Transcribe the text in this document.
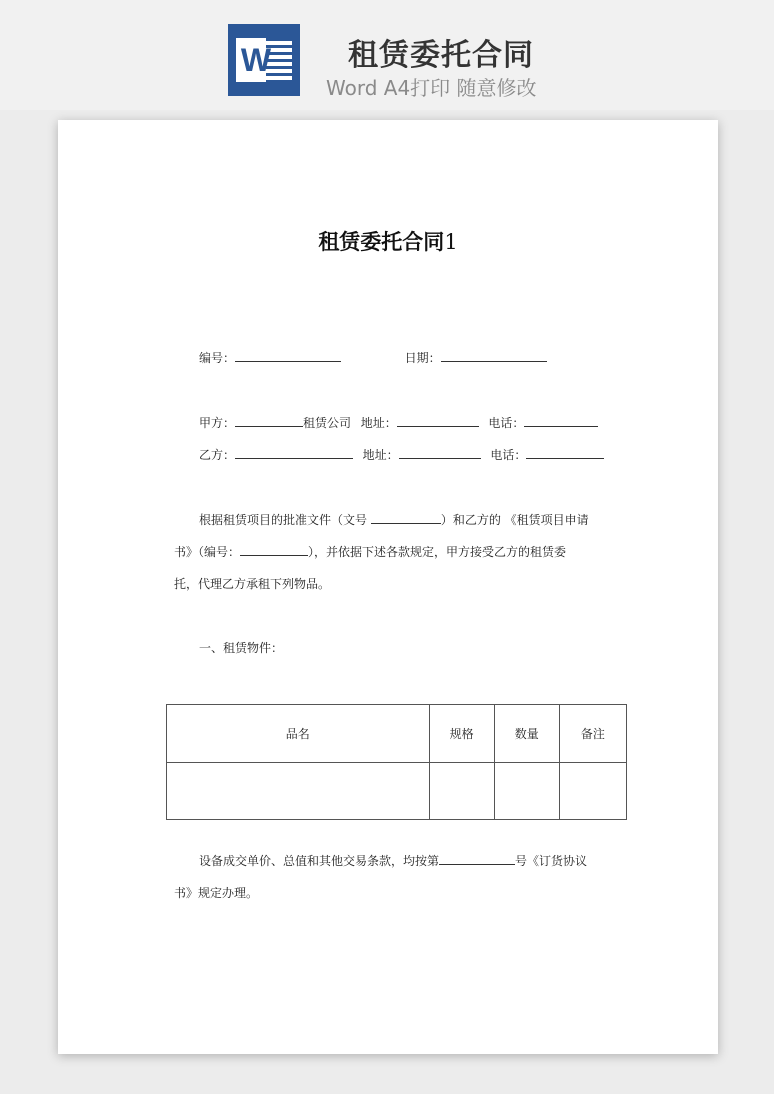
W	租赁委托合同
Word A4打印 随意修改
租赁委托合同1
编号：	日期：
甲方：	租赁公司 地址：	电话：
乙方：	地址：	电话：
根据租赁项目的批准文件（文号	）和乙方的 《租赁项目申请
书》（编号：	），并依据下述各款规定，甲方接受乙方的租赁委
托，代理乙方承租下列物品。
一、租赁物件：
品名	规格	数量	备注

设备成交单价、总值和其他交易条款，均按第	号《订货协议
书》规定办理。
